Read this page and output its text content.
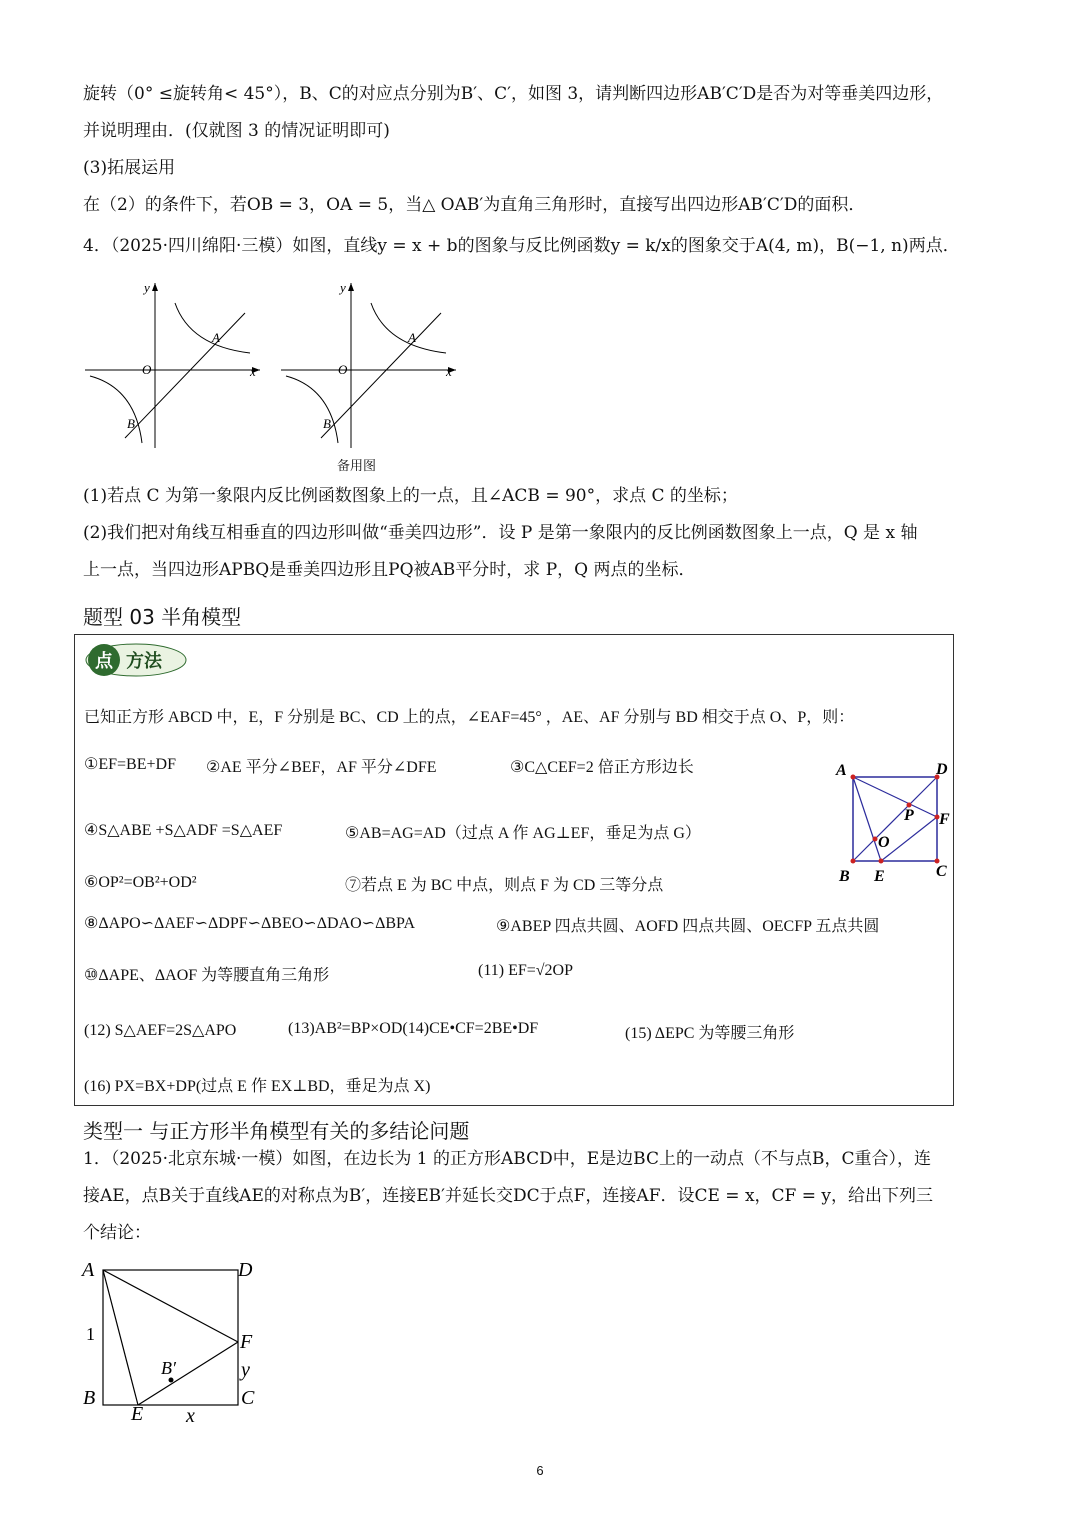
旋转（0° ≤旋转角< 45°），B、C的对应点分别为B′、C′，如图 3，请判断四边形AB′C′D是否为对等垂美四边形，
并说明理由．(仅就图 3 的情况证明即可)
(3)拓展运用
在（2）的条件下，若OB = 3，OA = 5，当△ OAB′为直角三角形时，直接写出四边形AB′C′D的面积．
4．（2025·四川绵阳·三模）如图，直线y = x + b的图象与反比例函数y = k/x的图象交于A(4, m)，B(−1, n)两点．
y
x
O
A
B
y
x
O
A
B
备用图
(1)若点 C 为第一象限内反比例函数图象上的一点，且∠ACB = 90°，求点 C 的坐标；
(2)我们把对角线互相垂直的四边形叫做“垂美四边形”．设 P 是第一象限内的反比例函数图象上一点，Q 是 x 轴
上一点，当四边形APBQ是垂美四边形且PQ被AB平分时，求 P，Q 两点的坐标．
题型 03 半角模型
点 方法
已知正方形 ABCD 中，E，F 分别是 BC、CD 上的点，∠EAF=45° ，AE、AF 分别与 BD 相交于点 O、P，则：
①EF=BE+DF ②AE 平分∠BEF，AF 平分∠DFE	③C△CEF=2 倍正方形边长
④S△ABE +S△ADF =S△AEF	⑤AB=AG=AD（过点 A 作 AG⊥EF，垂足为点 G）
⑥OP²=OB²+OD²	⑦若点 E 为 BC 中点，则点 F 为 CD 三等分点
⑧ΔAPO∽ΔAEF∽ΔDPF∽ΔBEO∽ΔDAO∽ΔBPA	⑨ABEP 四点共圆、AOFD 四点共圆、OECFP 五点共圆
⑩ΔAPE、ΔAOF 为等腰直角三角形	(11) EF=√2OP
(12) S△AEF=2S△APO	(13)AB²=BP×OD(14)CE•CF=2BE•DF	(15) ΔEPC 为等腰三角形
(16) PX=BX+DP(过点 E 作 EX⊥BD，垂足为点 X)
A	D
B	C
E
F
O
P
类型一 与正方形半角模型有关的多结论问题
1．（2025·北京东城·一模）如图，在边长为 1 的正方形ABCD中，E是边BC上的一动点（不与点B，C重合），连
接AE，点B关于直线AE的对称点为B′，连接EB′并延长交DC于点F，连接AF．设CE = x，CF = y，给出下列三
个结论：
A	D
B	C
E
F
B′
1
y
x
6
